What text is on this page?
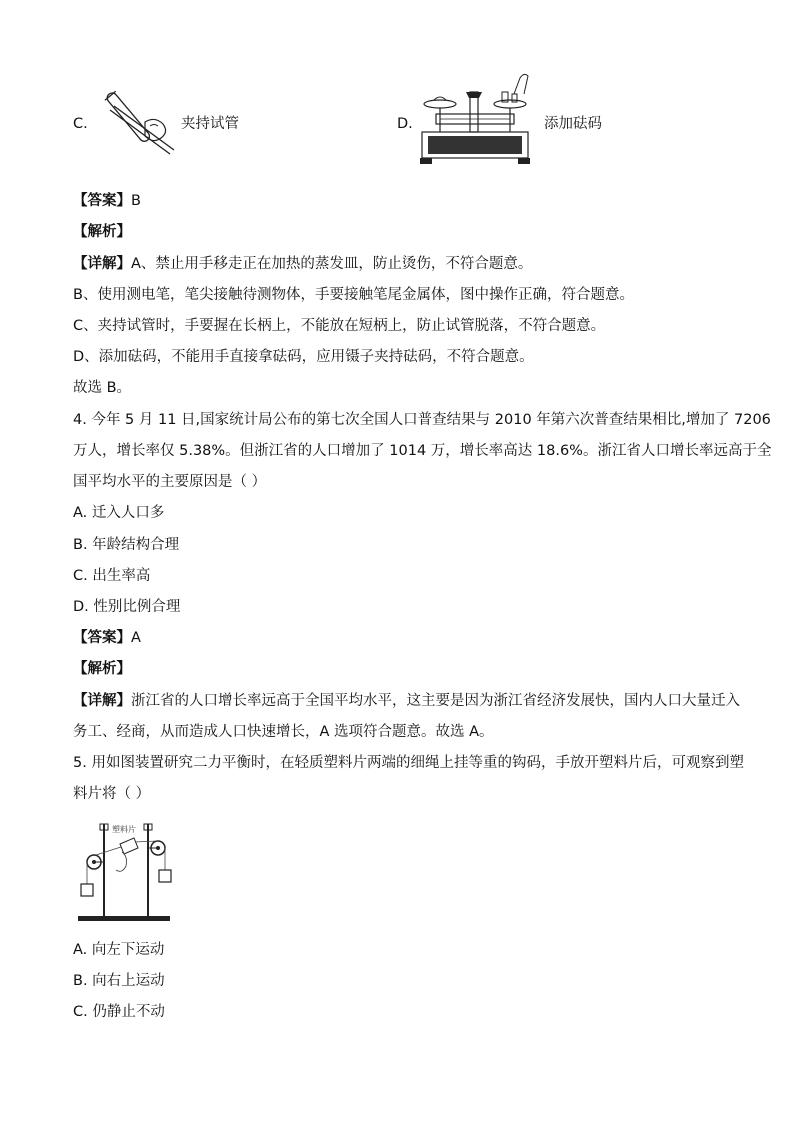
C.	夹持试管	D.	添加砝码
【答案】B
【解析】
【详解】A、禁止用手移走正在加热的蒸发皿，防止烫伤，不符合题意。
B、使用测电笔，笔尖接触待测物体，手要接触笔尾金属体，图中操作正确，符合题意。
C、夹持试管时，手要握在长柄上，不能放在短柄上，防止试管脱落，不符合题意。
D、添加砝码，不能用手直接拿砝码，应用镊子夹持砝码，不符合题意。
故选 B。
4. 今年 5 月 11 日,国家统计局公布的第七次全国人口普查结果与 2010 年第六次普查结果相比,增加了 7206
万人，增长率仅 5.38%。但浙江省的人口增加了 1014 万，增长率高达 18.6%。浙江省人口增长率远高于全
国平均水平的主要原因是（ ）
A. 迁入人口多
B. 年龄结构合理
C. 出生率高
D. 性别比例合理
【答案】A
【解析】
【详解】浙江省的人口增长率远高于全国平均水平，这主要是因为浙江省经济发展快，国内人口大量迁入
务工、经商，从而造成人口快速增长，A 选项符合题意。故选 A。
5. 用如图装置研究二力平衡时，在轻质塑料片两端的细绳上挂等重的钩码，手放开塑料片后，可观察到塑
料片将（ ）
塑料片
A. 向左下运动
B. 向右上运动
C. 仍静止不动
